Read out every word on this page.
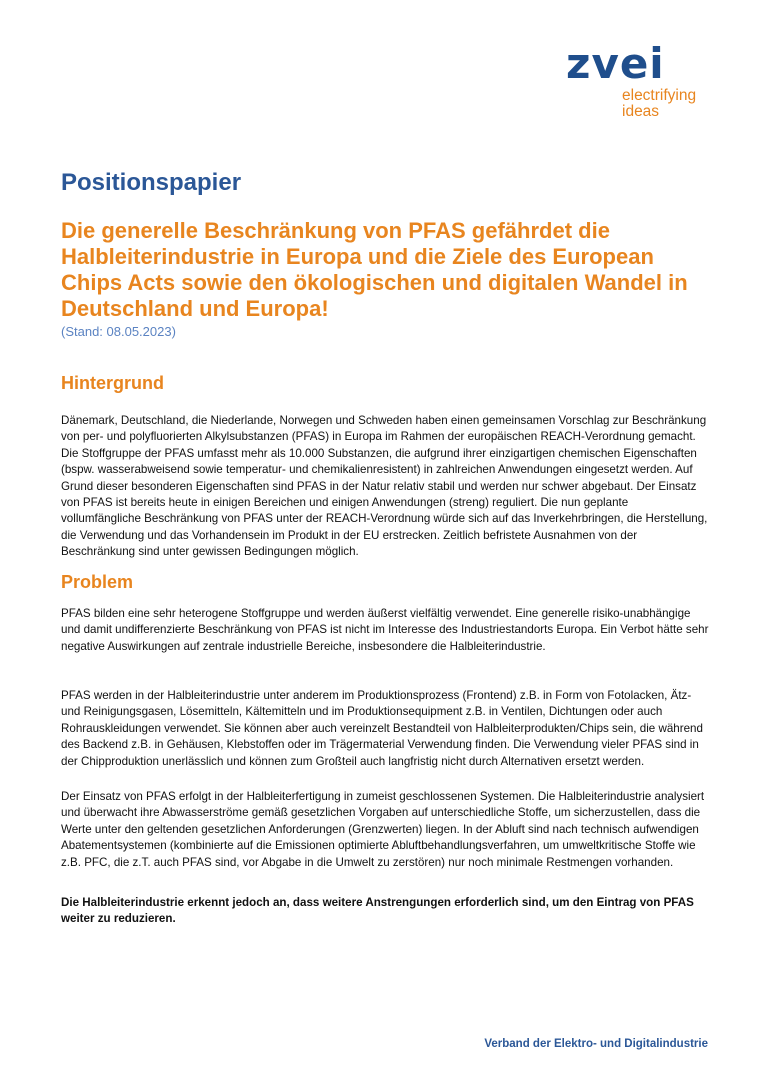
zvei
electrifying
ideas
Positionspapier
Die generelle Beschränkung von PFAS gefährdet die Halbleiterindustrie in Europa und die Ziele des European Chips Acts sowie den ökologischen und digitalen Wandel in Deutschland und Europa!

(Stand: 08.05.2023)

Hintergrund

Dänemark, Deutschland, die Niederlande, Norwegen und Schweden haben einen gemeinsamen Vorschlag zur Beschränkung von per- und polyfluorierten Alkylsubstanzen (PFAS) in Europa im Rahmen der europäischen REACH-Verordnung gemacht. Die Stoffgruppe der PFAS umfasst mehr als 10.000 Substanzen, die aufgrund ihrer einzigartigen chemischen Eigenschaften (bspw. wasserabweisend sowie temperatur- und chemikalienresistent) in zahlreichen Anwendungen eingesetzt werden. Auf Grund dieser besonderen Eigenschaften sind PFAS in der Natur relativ stabil und werden nur schwer abgebaut. Der Einsatz von PFAS ist bereits heute in einigen Bereichen und einigen Anwendungen (streng) reguliert. Die nun geplante vollumfängliche Beschränkung von PFAS unter der REACH-Verordnung würde sich auf das Inverkehrbringen, die Herstellung, die Verwendung und das Vorhandensein im Produkt in der EU erstrecken. Zeitlich befristete Ausnahmen von der Beschränkung sind unter gewissen Bedingungen möglich.

Problem

PFAS bilden eine sehr heterogene Stoffgruppe und werden äußerst vielfältig verwendet. Eine generelle risiko-unabhängige und damit undifferenzierte Beschränkung von PFAS ist nicht im Interesse des Industriestandorts Europa. Ein Verbot hätte sehr negative Auswirkungen auf zentrale industrielle Bereiche, insbesondere die Halbleiterindustrie.

PFAS werden in der Halbleiterindustrie unter anderem im Produktionsprozess (Frontend) z.B. in Form von Fotolacken, Ätz- und Reinigungsgasen, Lösemitteln, Kältemitteln und im Produktionsequipment z.B. in Ventilen, Dichtungen oder auch Rohrauskleidungen verwendet. Sie können aber auch vereinzelt Bestandteil von Halbleiterprodukten/Chips sein, die während des Backend z.B. in Gehäusen, Klebstoffen oder im Trägermaterial Verwendung finden. Die Verwendung vieler PFAS sind in der Chipproduktion unerlässlich und können zum Großteil auch langfristig nicht durch Alternativen ersetzt werden.

Der Einsatz von PFAS erfolgt in der Halbleiterfertigung in zumeist geschlossenen Systemen. Die Halbleiterindustrie analysiert und überwacht ihre Abwasserströme gemäß gesetzlichen Vorgaben auf unterschiedliche Stoffe, um sicherzustellen, dass die Werte unter den geltenden gesetzlichen Anforderungen (Grenzwerten) liegen. In der Abluft sind nach technisch aufwendigen Abatementsystemen (kombinierte auf die Emissionen optimierte Abluftbehandlungsverfahren, um umweltkritische Stoffe wie z.B. PFC, die z.T. auch PFAS sind, vor Abgabe in die Umwelt zu zerstören) nur noch minimale Restmengen vorhanden.

Die Halbleiterindustrie erkennt jedoch an, dass weitere Anstrengungen erforderlich sind, um den Eintrag von PFAS weiter zu reduzieren.

Verband der Elektro- und Digitalindustrie
